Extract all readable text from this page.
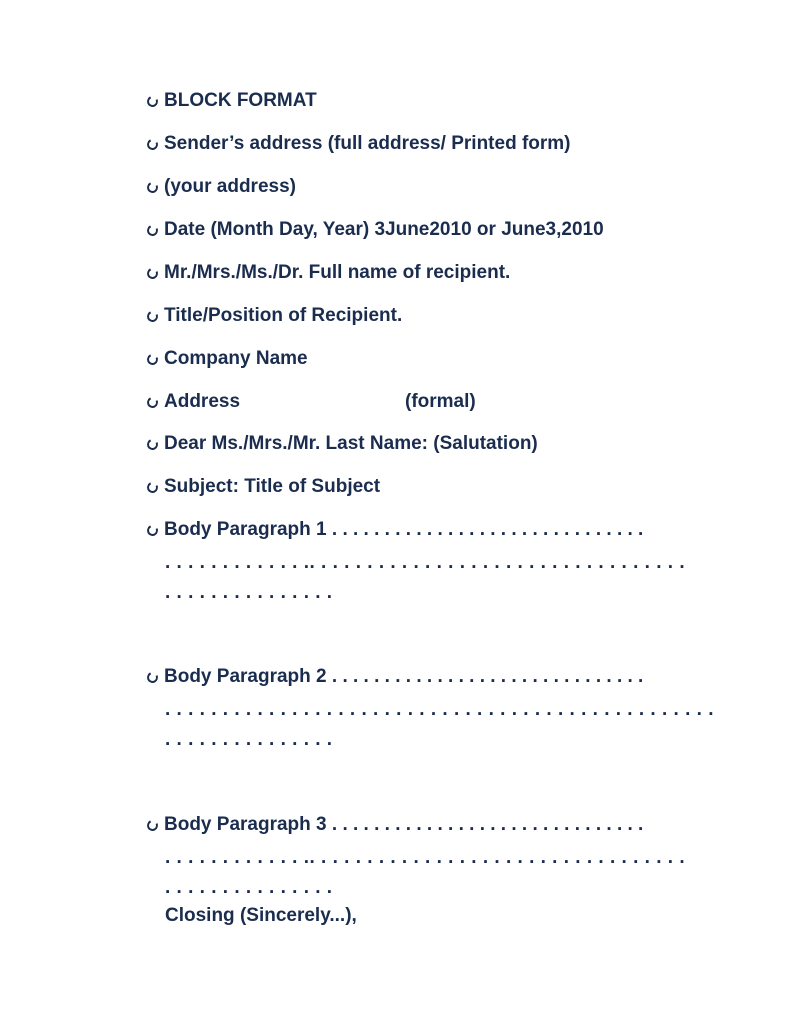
BLOCK FORMAT
Sender’s address (full address/ Printed form)
(your address)
Date (Month Day, Year) 3June2010 or June3,2010
Mr./Mrs./Ms./Dr. Full name of recipient.
Title/Position of Recipient.
Company Name
Address	(formal)
Dear Ms./Mrs./Mr. Last Name: (Salutation)
Subject: Title of Subject
Body Paragraph 1 . . . . . . . . . . . . . . . . . . . . . . . . . . . . . .
. . . . . . . . . . . . .. . . . . . . . . . . . . . . . . . . . . . . . . . . . . . . . .
. . . . . . . . . . . . . . .
Body Paragraph 2 . . . . . . . . . . . . . . . . . . . . . . . . . . . . . .
. . . . . . . . . . . . . . . . . . . . . . . . . . . . . . . . . . . . . . . . . . . . . . . .
. . . . . . . . . . . . . . .
Body Paragraph 3 . . . . . . . . . . . . . . . . . . . . . . . . . . . . . .
. . . . . . . . . . . . .. . . . . . . . . . . . . . . . . . . . . . . . . . . . . . . . .
. . . . . . . . . . . . . . .
Closing (Sincerely...),
